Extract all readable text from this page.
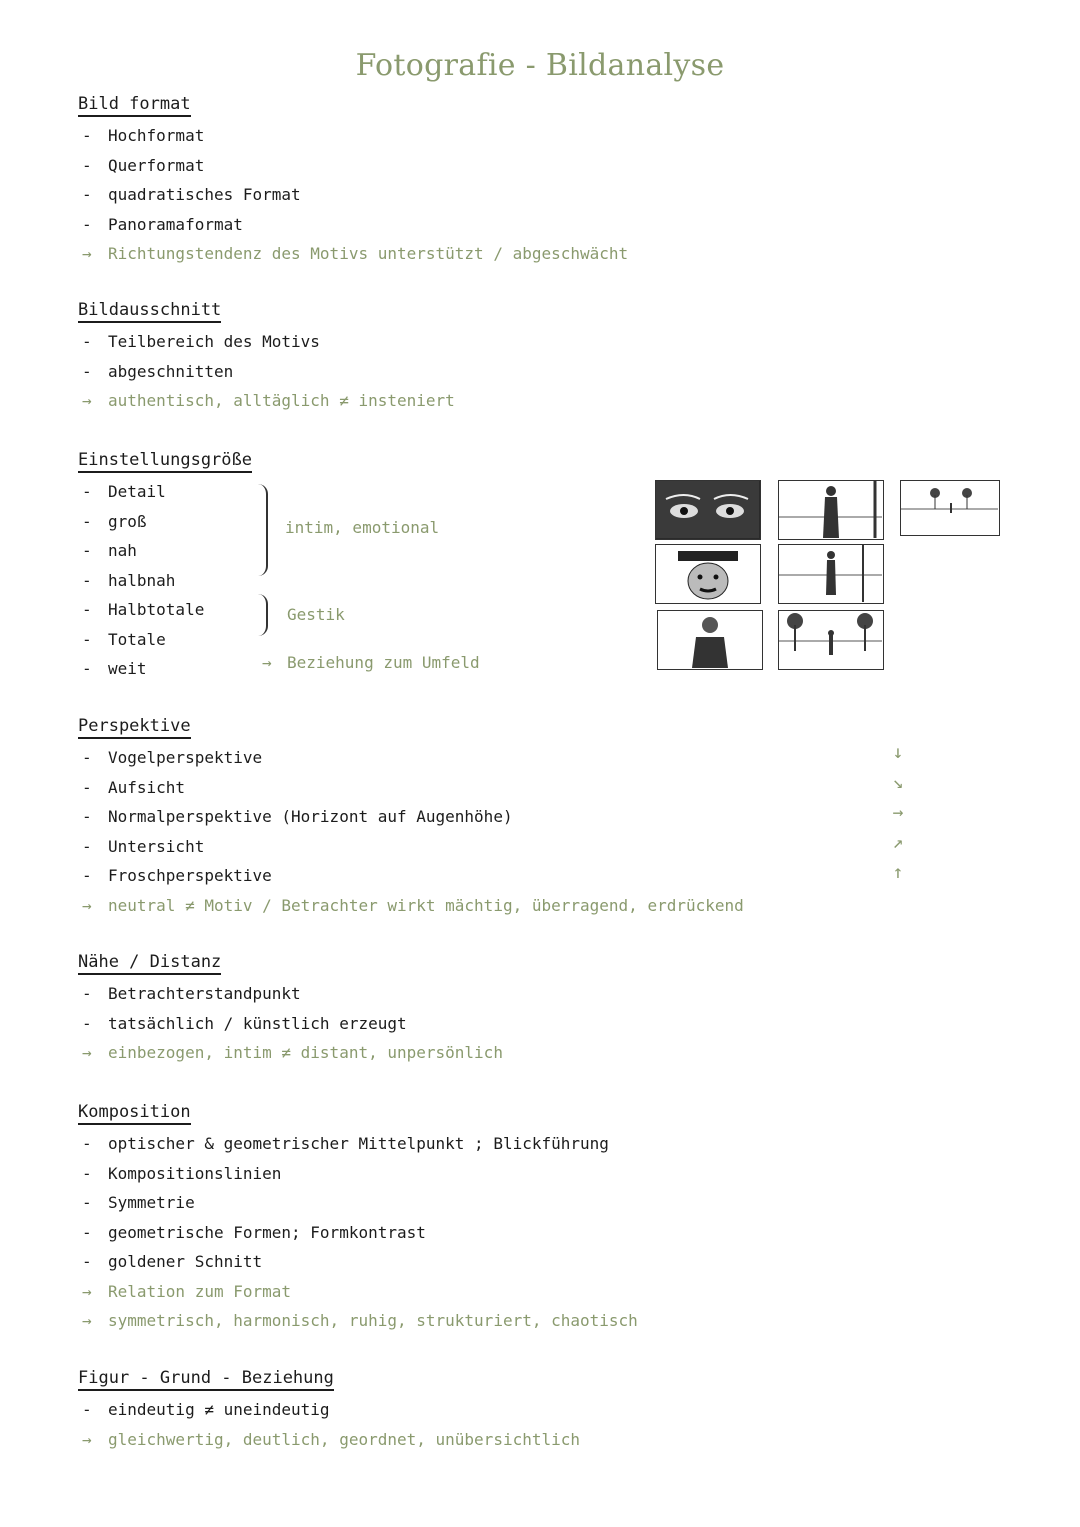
Fotografie - Bildanalyse
Bild format
- Hochformat
- Querformat
- quadratisches Format
- Panoramaformat
→ Richtungstendenz des Motivs unterstützt / abgeschwächt
Bildausschnitt
- Teilbereich des Motivs
- abgeschnitten
→ authentisch, alltäglich ≠ insteniert
Einstellungsgröße
- Detail
- groß
- nah
- halbnah
- Halbtotale
- Totale
- weit
intim, emotional
Gestik
→ Beziehung zum Umfeld
Perspektive
- Vogelperspektive
- Aufsicht
- Normalperspektive (Horizont auf Augenhöhe)
- Untersicht
- Froschperspektive
→ neutral ≠ Motiv / Betrachter wirkt mächtig, überragend, erdrückend
↓
↘
→
↗
↑
Nähe / Distanz
- Betrachterstandpunkt
- tatsächlich / künstlich erzeugt
→ einbezogen, intim ≠ distant, unpersönlich
Komposition
- optischer & geometrischer Mittelpunkt ; Blickführung
- Kompositionslinien
- Symmetrie
- geometrische Formen; Formkontrast
- goldener Schnitt
→ Relation zum Format
→ symmetrisch, harmonisch, ruhig, strukturiert, chaotisch
Figur - Grund - Beziehung
- eindeutig ≠ uneindeutig
→ gleichwertig, deutlich, geordnet, unübersichtlich
